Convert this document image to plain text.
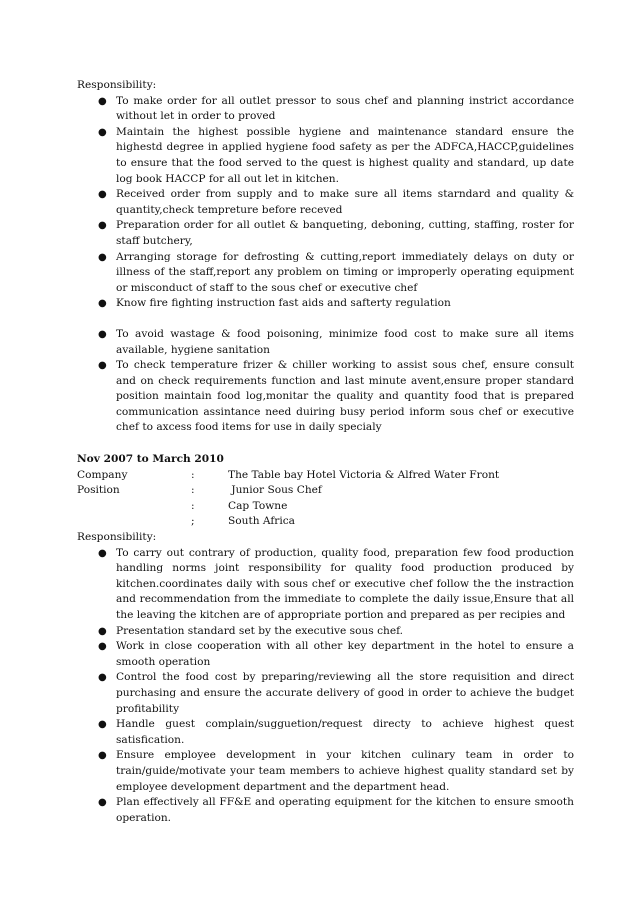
Responsibility:

● To make order for all outlet pressor to sous chef and planning instrict accordance without let in order to proved
● Maintain the highest possible hygiene and maintenance standard ensure the highestd degree in applied hygiene food safety as per the ADFCA,HACCP,guidelines to ensure that the food served to the quest is highest quality and standard, up date log book HACCP for all out let in kitchen.
● Received order from supply and to make sure all items starndard and quality & quantity,check tempreture before receved
● Preparation order for all outlet & banqueting, deboning, cutting, staffing, roster for staff butchery,
● Arranging storage for defrosting & cutting,report immediately delays on duty or illness of the staff,report any problem on timing or improperly operating equipment or misconduct of staff to the sous chef or executive chef
● Know fire fighting instruction fast aids and safterty regulation
● To avoid wastage & food poisoning, minimize food cost to make sure all items available, hygiene sanitation
● To check temperature frizer & chiller working to assist sous chef, ensure consult and on check requirements function and last minute avent,ensure proper standard position maintain food log,monitar the quality and quantity food that is prepared communication assintance need duiring busy period inform sous chef or executive chef to axcess food items for use in daily specialy

Nov 2007 to March 2010

Company	:	The Table bay Hotel Victoria & Alfred Water Front
Position	:	Junior Sous Chef
:	Cap Towne
;	South Africa

Responsibility:

● To carry out contrary of production, quality food, preparation few food production handling norms joint responsibility for quality food production produced by kitchen.coordinates daily with sous chef or executive chef follow the the instraction and recommendation from the immediate to complete the daily issue,Ensure that all the leaving the kitchen are of appropriate portion and prepared as per recipies and
● Presentation standard set by the executive sous chef.
● Work in close cooperation with all other key department in the hotel to ensure a smooth operation
● Control the food cost by preparing/reviewing all the store requisition and direct purchasing and ensure the accurate delivery of good in order to achieve the budget profitability
● Handle guest complain/sugguetion/request directy to achieve highest quest satisfication.
● Ensure employee development in your kitchen culinary team in order to train/guide/motivate your team members to achieve highest quality standard set by employee development department and the department head.
● Plan effectively all FF&E and operating equipment for the kitchen to ensure smooth operation.
